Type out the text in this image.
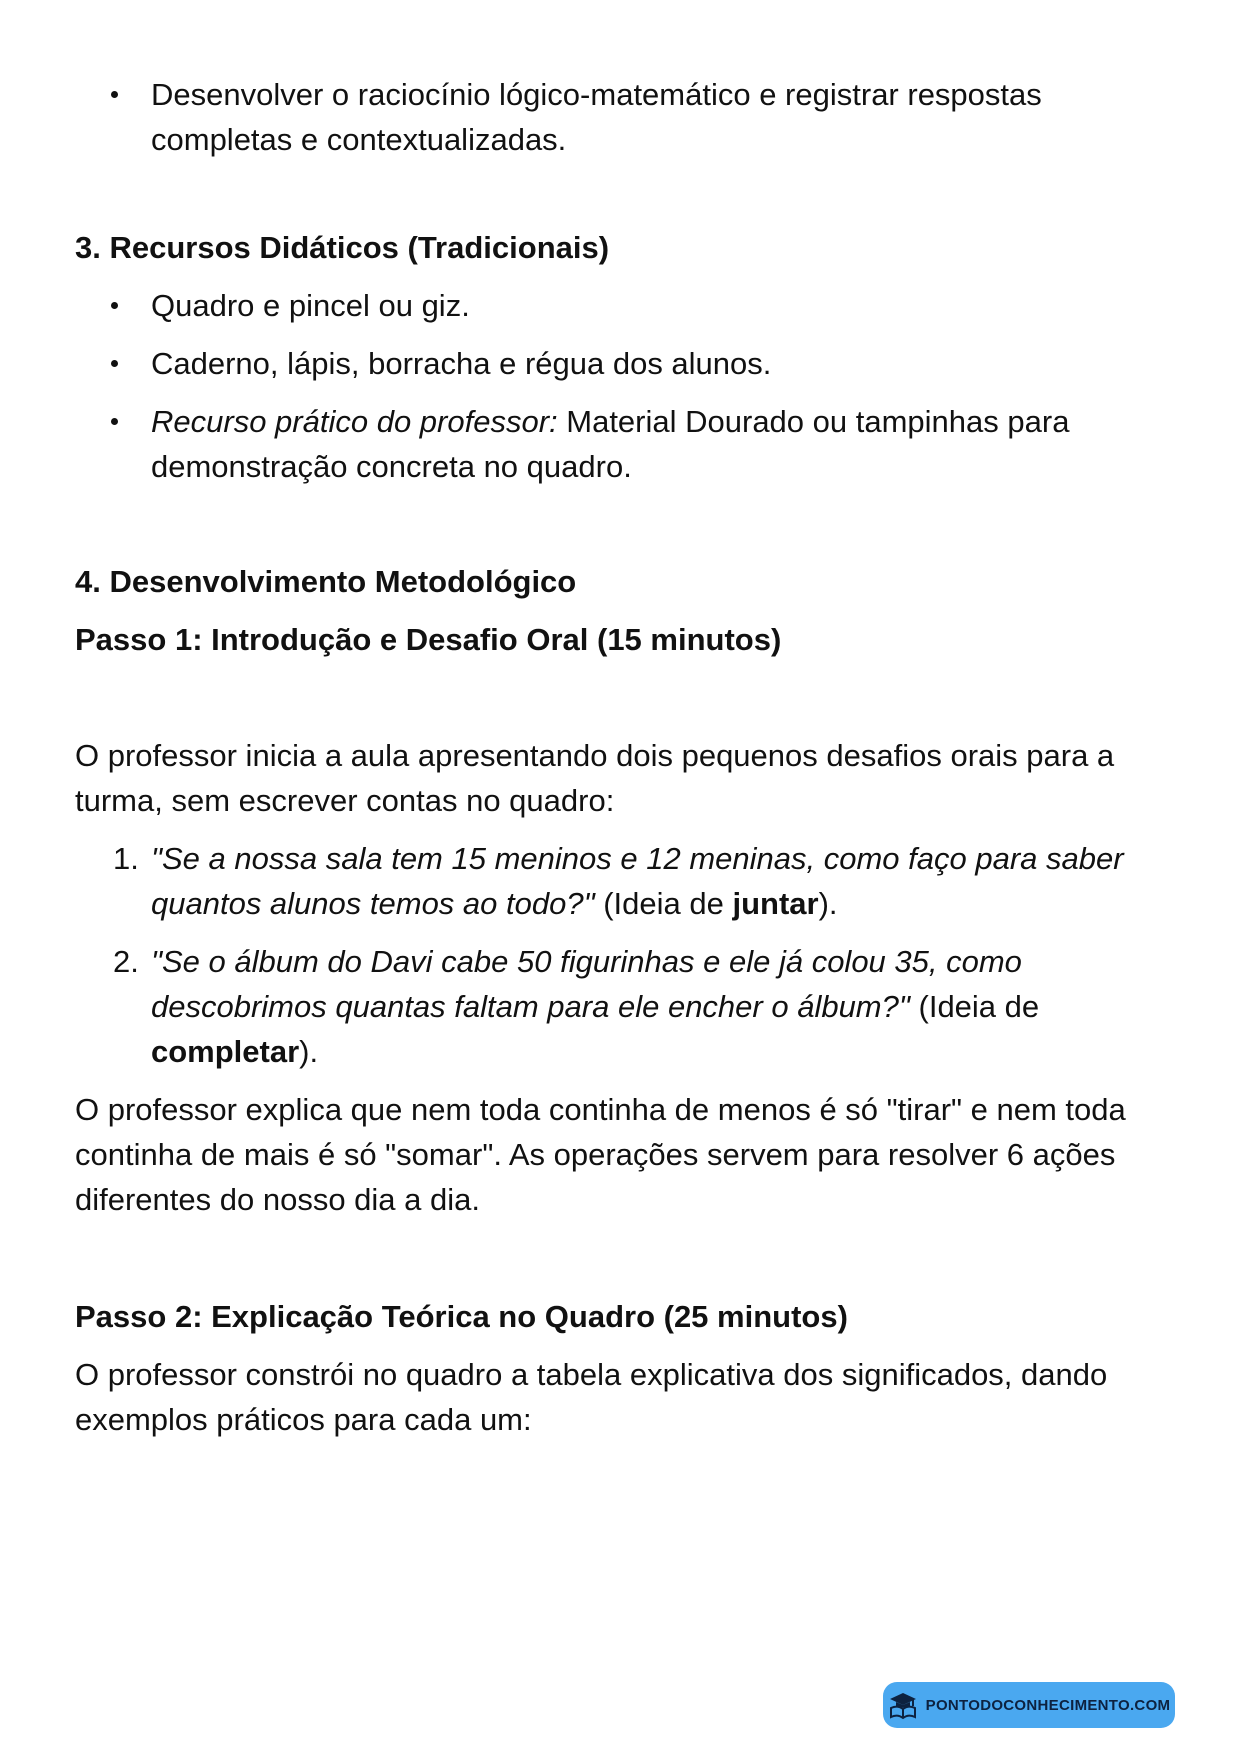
Desenvolver o raciocínio lógico-matemático e registrar respostas completas e contextualizadas.
3. Recursos Didáticos (Tradicionais)
Quadro e pincel ou giz.
Caderno, lápis, borracha e régua dos alunos.
Recurso prático do professor: Material Dourado ou tampinhas para demonstração concreta no quadro.
4. Desenvolvimento Metodológico
Passo 1: Introdução e Desafio Oral (15 minutos)

O professor inicia a aula apresentando dois pequenos desafios orais para a turma, sem escrever contas no quadro:

1. "Se a nossa sala tem 15 meninos e 12 meninas, como faço para saber quantos alunos temos ao todo?" (Ideia de juntar).
2. "Se o álbum do Davi cabe 50 figurinhas e ele já colou 35, como descobrimos quantas faltam para ele encher o álbum?" (Ideia de completar).

O professor explica que nem toda continha de menos é só "tirar" e nem toda continha de mais é só "somar". As operações servem para resolver 6 ações diferentes do nosso dia a dia.

Passo 2: Explicação Teórica no Quadro (25 minutos)

O professor constrói no quadro a tabela explicativa dos significados, dando exemplos práticos para cada um:

PONTODOCONHECIMENTO.COM
